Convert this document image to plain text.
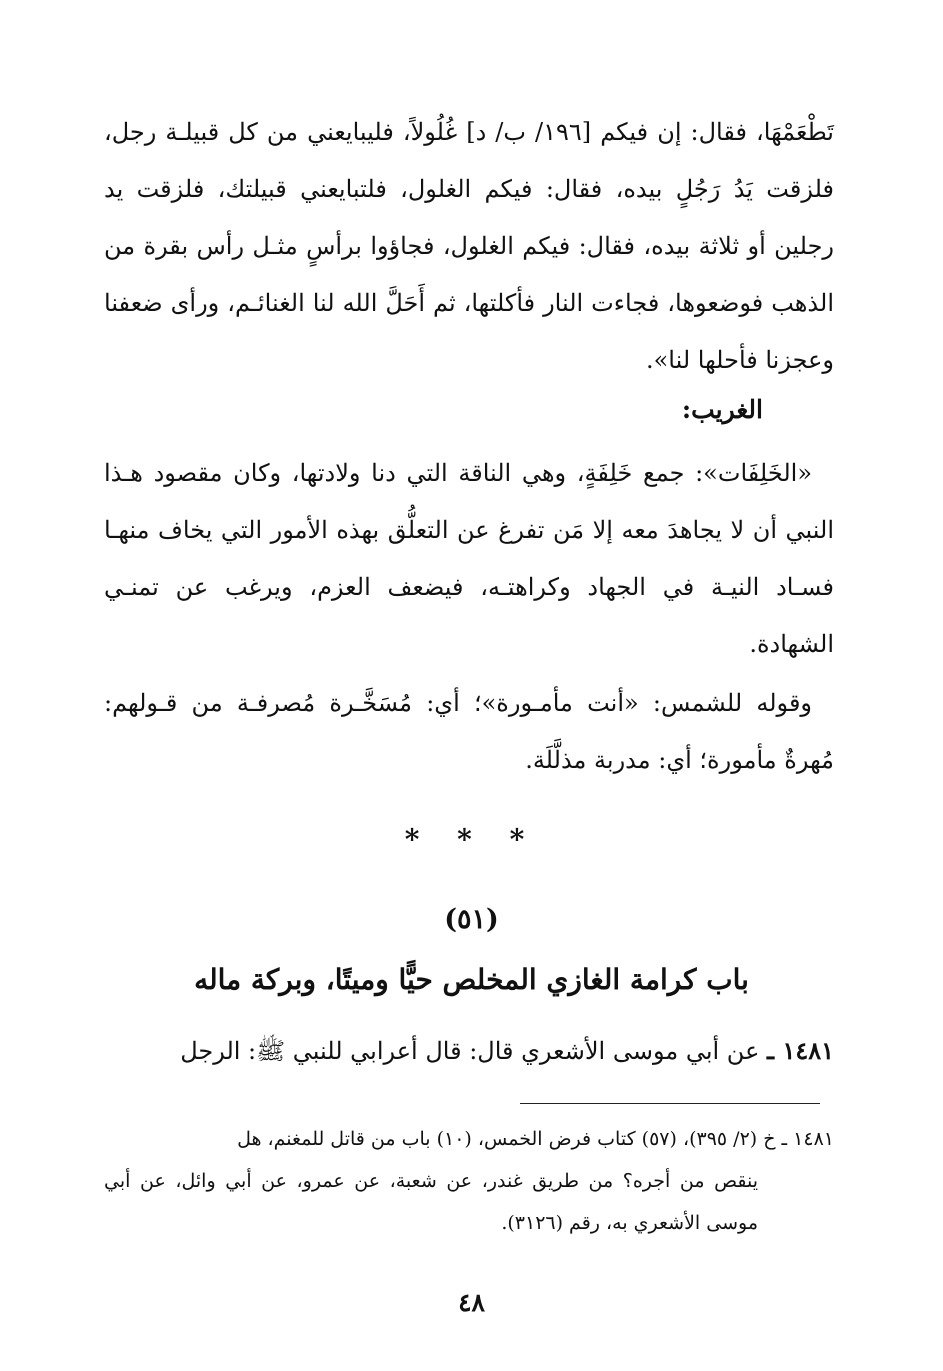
تَطْعَمْهَا، فقال: إن فيكم [١٩٦/ ب/ د] غُلُولاً، فليبايعني من كل قبيلـة رجل، فلزقت يَدُ رَجُلٍ بيده، فقال: فيكم الغلول، فلتبايعني قبيلتك، فلزقت يد رجلين أو ثلاثة بيده، فقال: فيكم الغلول، فجاؤوا برأسٍ مثـل رأس بقرة من الذهب فوضعوها، فجاءت النار فأكلتها، ثم أَحَلَّ الله لنا الغنائـم، ورأى ضعفنا وعجزنا فأحلها لنا».

الغريب:

«الخَلِفَات»: جمع خَلِفَةٍ، وهي الناقة التي دنا ولادتها، وكان مقصود هـذا النبي أن لا يجاهدَ معه إلا مَن تفرغ عن التعلُّق بهذه الأمور التي يخاف منهـا فسـاد النيـة في الجهاد وكراهتـه، فيضعف العزم، ويرغب عن تمنـي الشهادة.

وقوله للشمس: «أنت مأمـورة»؛ أي: مُسَخَّـرة مُصرفـة من قـولهم: مُهرةٌ مأمورة؛ أي: مدربة مذلَّلَة.

* * *
(٥١)
باب كرامة الغازي المخلص حيًّا وميتًا، وبركة ماله
١٤٨١ ـ عن أبي موسى الأشعري قال: قال أعرابي للنبي ﷺ: الرجل
١٤٨١ ـ خ (٢/ ٣٩٥)، (٥٧) كتاب فرض الخمس، (١٠) باب من قاتل للمغنم، هل
ينقص من أجره؟ من طريق غندر، عن شعبة، عن عمرو، عن أبي وائل، عن أبي موسى الأشعري به، رقم (٣١٢٦).
٤٨
